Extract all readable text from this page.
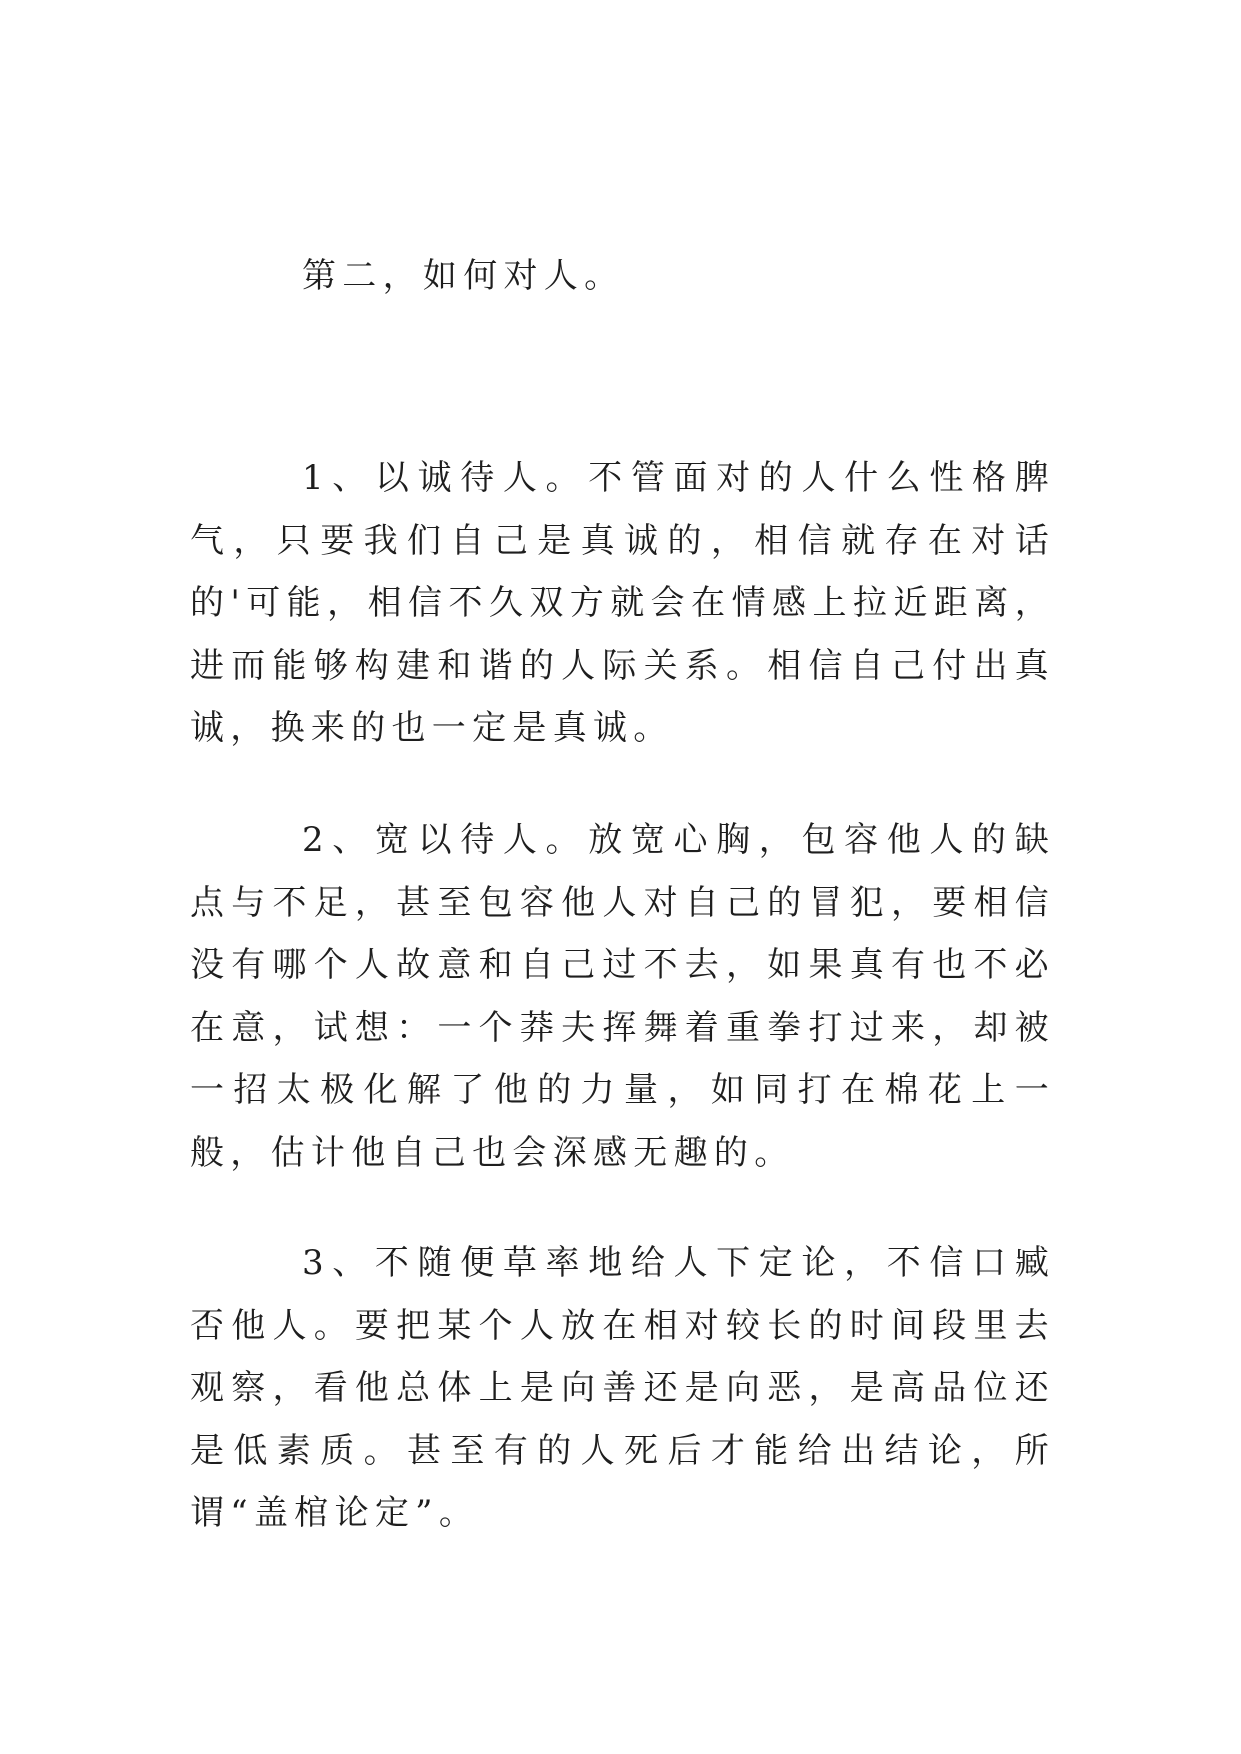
第二，如何对人。

1、以诚待人。不管面对的人什么性格脾气，只要我们自己是真诚的，相信就存在对话的'可能，相信不久双方就会在情感上拉近距离，进而能够构建和谐的人际关系。相信自己付出真诚，换来的也一定是真诚。

2、宽以待人。放宽心胸，包容他人的缺点与不足，甚至包容他人对自己的冒犯，要相信没有哪个人故意和自己过不去，如果真有也不必在意，试想：一个莽夫挥舞着重拳打过来，却被一招太极化解了他的力量，如同打在棉花上一般，估计他自己也会深感无趣的。

3、不随便草率地给人下定论，不信口臧否他人。要把某个人放在相对较长的时间段里去观察，看他总体上是向善还是向恶，是高品位还是低素质。甚至有的人死后才能给出结论，所谓“盖棺论定”。
